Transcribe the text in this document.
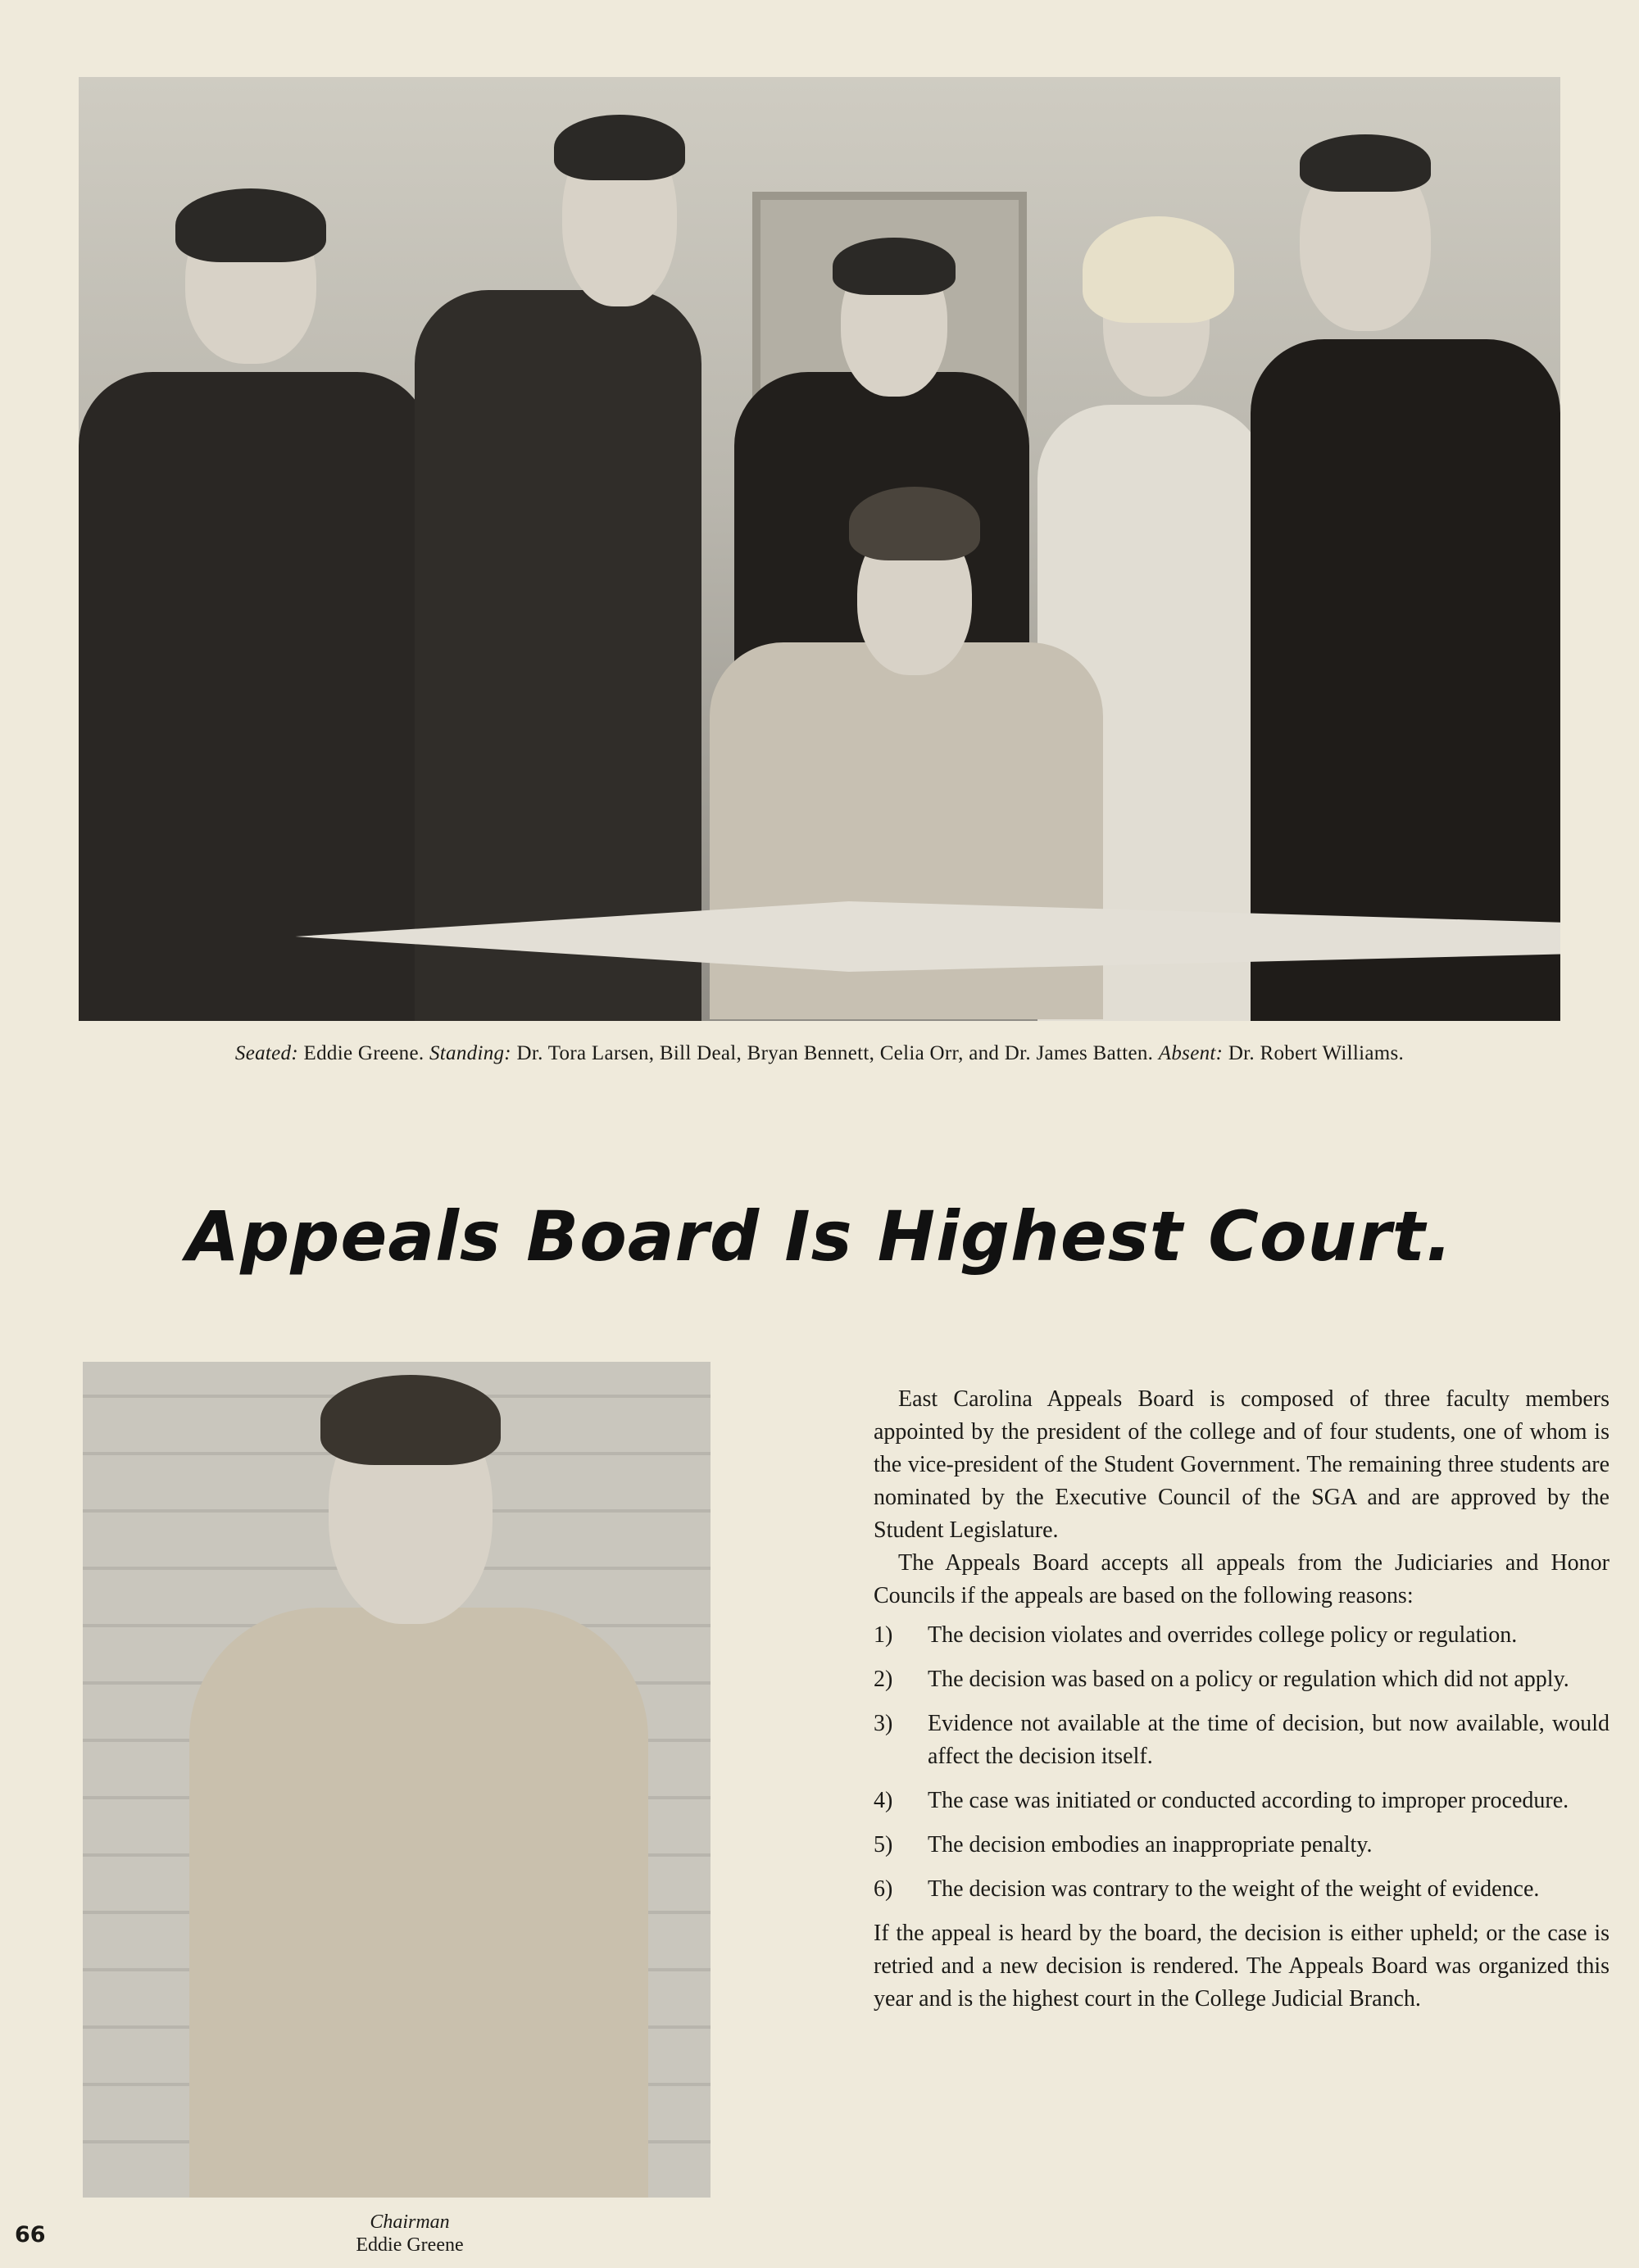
Seated: Eddie Greene. Standing: Dr. Tora Larsen, Bill Deal, Bryan Bennett, Celia Orr, and Dr. James Batten. Absent: Dr. Robert Williams.
Appeals Board Is Highest Court.

East Carolina Appeals Board is composed of three faculty members appointed by the president of the college and of four students, one of whom is the vice-president of the Student Government. The remaining three students are nominated by the Executive Council of the SGA and are approved by the Student Legislature.

The Appeals Board accepts all appeals from the Judiciaries and Honor Councils if the appeals are based on the following reasons:

1) The decision violates and overrides college policy or regulation.
2) The decision was based on a policy or regulation which did not apply.
3) Evidence not available at the time of decision, but now available, would affect the decision itself.
4) The case was initiated or conducted according to improper procedure.
5) The decision embodies an inappropriate penalty.
6) The decision was contrary to the weight of the weight of evidence.

If the appeal is heard by the board, the decision is either upheld; or the case is retried and a new decision is rendered. The Appeals Board was organized this year and is the highest court in the College Judicial Branch.

Chairman
Eddie Greene
66
